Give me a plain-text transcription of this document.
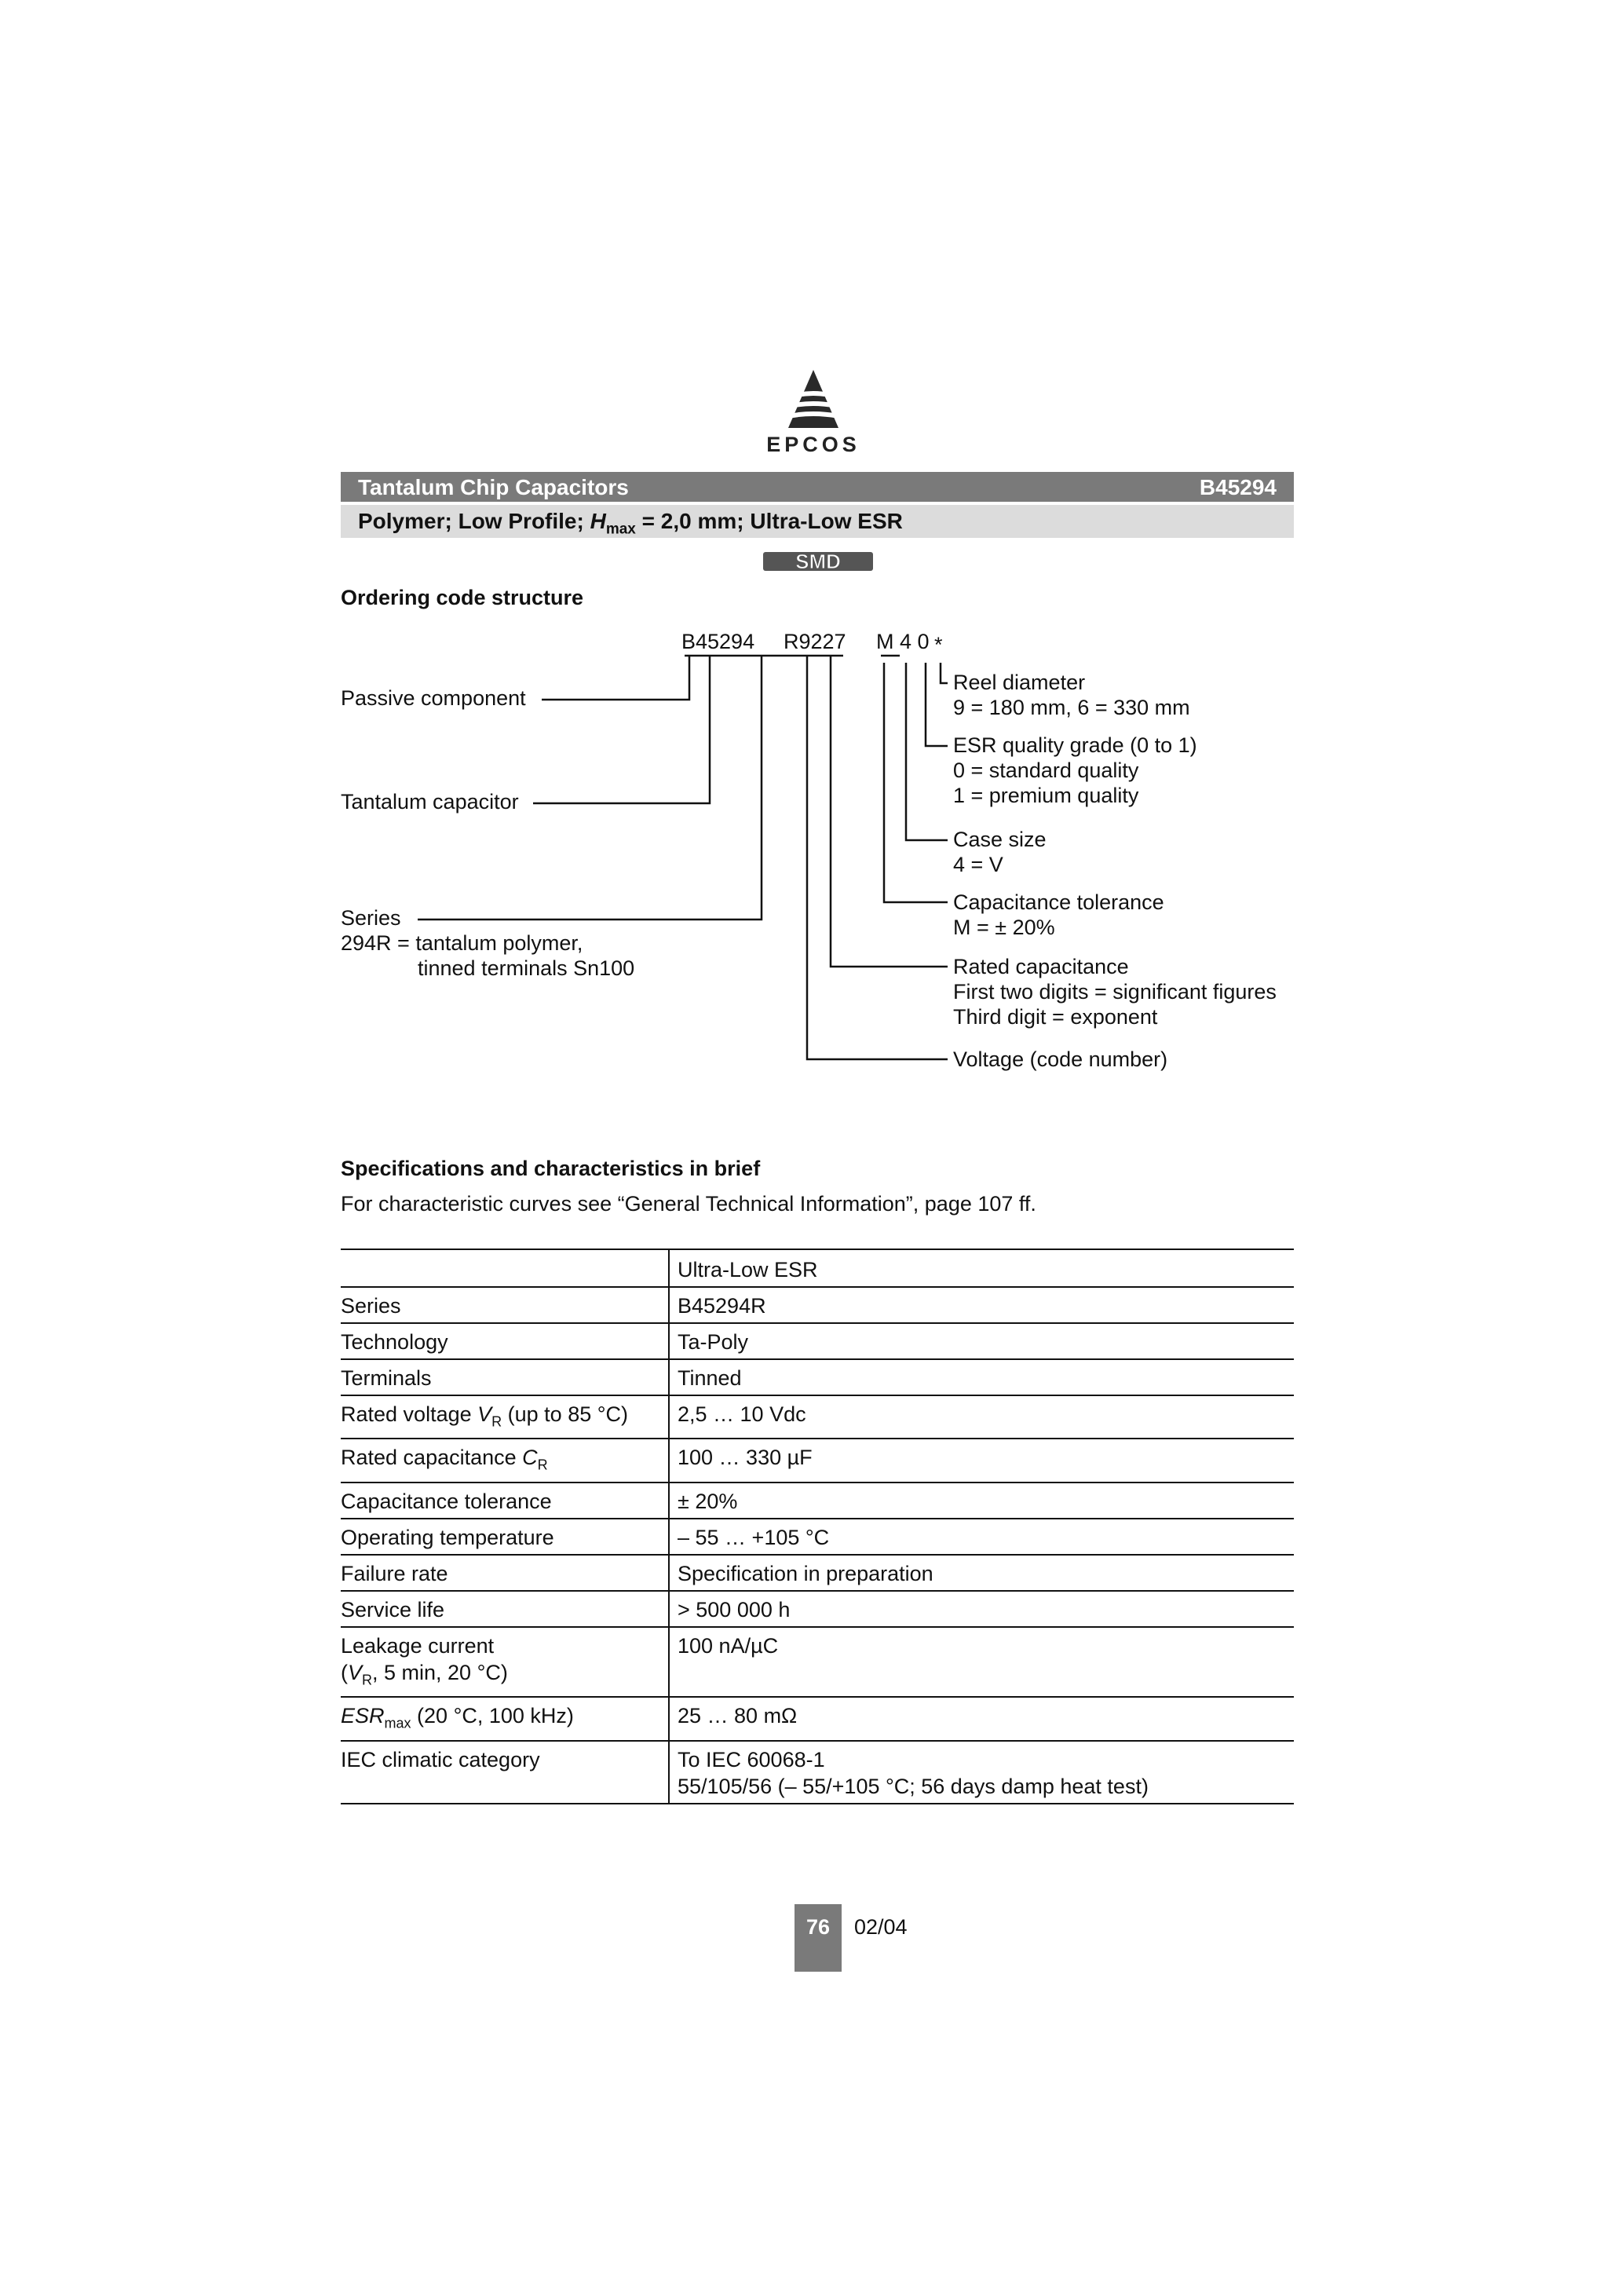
EPCOS
Tantalum Chip Capacitors	B45294
Polymer; Low Profile; $H_{max} = 2,0$ mm; Ultra-Low ESR
SMD
Ordering code structure
B45294 R9227 M 4 0 *
Passive component
Tantalum capacitor
Series
294R = tantalum polymer,
tinned terminals Sn100
Reel diameter
9 = 180 mm, 6 = 330 mm
ESR quality grade (0 to 1)
0 = standard quality
1 = premium quality
Case size
4 = V
Capacitance tolerance
M = ± 20%
Rated capacitance
First two digits = significant figures
Third digit = exponent
Voltage (code number)
Specifications and characteristics in brief
For characteristic curves see “General Technical Information”, page 107 ff.
	Ultra-Low ESR
Series	B45294R
Technology	Ta-Poly
Terminals	Tinned
Rated voltage $V_R$ (up to 85 °C)	2,5 … 10 Vdc
Rated capacitance $C_R$	100 … 330 µF
Capacitance tolerance	± 20%
Operating temperature	– 55 … +105 °C
Failure rate	Specification in preparation
Service life	> 500 000 h
Leakage current
($V_R$, 5 min, 20 °C)	100 nA/µC
$ESR_{max}$ (20 °C, 100 kHz)	25 … 80 mΩ
IEC climatic category	To IEC 60068-1
55/105/56 (– 55/+105 °C; 56 days damp heat test)
76	02/04
